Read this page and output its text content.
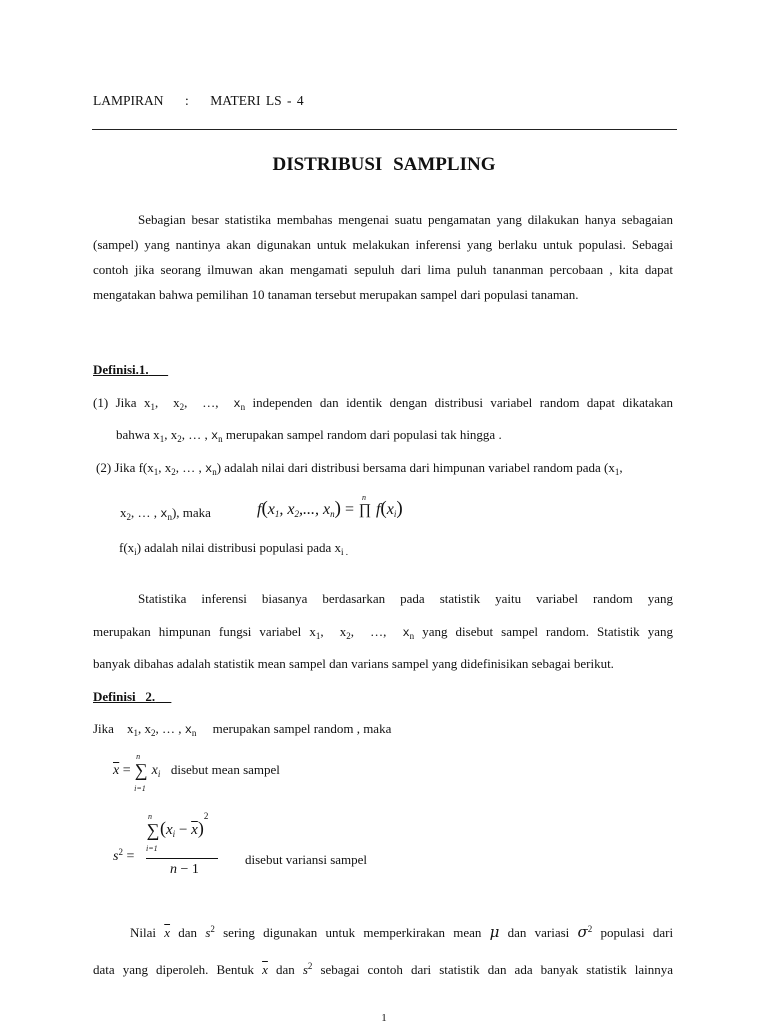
LAMPIRAN : MATERI LS - 4
DISTRIBUSI SAMPLING
Sebagian besar statistika membahas mengenai suatu pengamatan yang dilakukan hanya sebagaian (sampel) yang nantinya akan digunakan untuk melakukan inferensi yang berlaku untuk populasi. Sebagai contoh jika seorang ilmuwan akan mengamati sepuluh dari lima puluh tananman percobaan , kita dapat mengatakan bahwa pemilihan 10 tanaman tersebut merupakan sampel dari populasi tanaman.
Definisi.1.
(1) Jika $x_1$,  $x_2$,  …,  $x_n$ independen dan identik dengan distribusi variabel random dapat dikatakan
bahwa $x_1$, $x_2$, … , $x_n$ merupakan sampel random dari populasi tak hingga .
(2) Jika $f(x_1$, $x_2$, … , $x_n$) adalah nilai dari distribusi bersama dari himpunan variabel random pada ($x_1$,
$x_2$, … , $x_n$), maka	$f(x_1$, $x_2$,..., $x_n$) =
n
∏ $f(x_i)$
$f(x_i)$ adalah nilai distribusi populasi pada $x_{i .}$
Statistika inferensi biasanya berdasarkan pada statistik yaitu variabel random yang
merupakan himpunan fungsi variabel $x_1$,  $x_2$,  …,  $x_n$ yang disebut sampel random. Statistik yang
banyak dibahas adalah statistik mean sampel dan varians sampel yang didefinisikan sebagai berikut.
Definisi   2.
Jika    $x_1$, $x_2$, … , $x_n$ merupakan sampel random , maka
$\overline{x}$ =
n
∑
i=1
$x_i$ disebut mean sampel
n
∑
i=1
$(x_i - \overline{x})^2$
$s^2$ =
n − 1
disebut variansi sampel
Nilai $\overline{x}$ dan $s^2$ sering digunakan untuk memperkirakan mean μ dan variasi $\sigma^2$ populasi dari
data yang diperoleh. Bentuk $\overline{x}$ dan $s^2$ sebagai contoh dari statistik dan ada banyak statistik lainnya
1
